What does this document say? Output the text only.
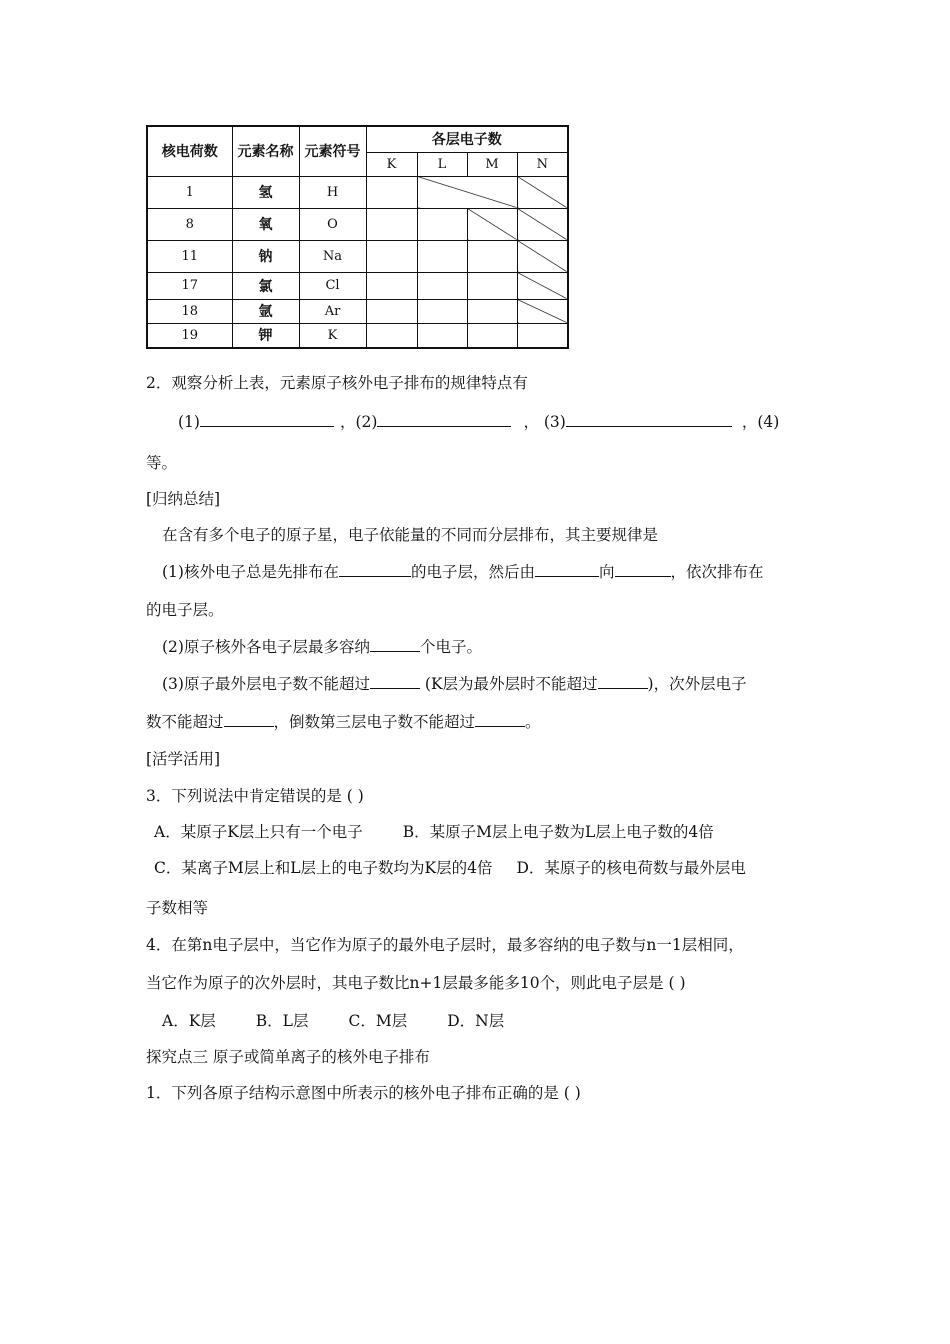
核电荷数	元素名称	元素符号	各层电子数			
			K	L	M	N
1	氢	H				
8	氧	O				
11	钠	Na				
17	氯	Cl				
18	氩	Ar				
19	钾	K				
2．观察分析上表，元素原子核外电子排布的规律特点有
(1)	，(2)	， (3)	，(4)
等。
[归纳总结]
在含有多个电子的原子星，电子依能量的不同而分层排布，其主要规律是
(1)核外电子总是先排布在	的电子层，然后由	向	，依次排布在
的电子层。
(2)原子核外各电子层最多容纳	个电子。
(3)原子最外层电子数不能超过	(K层为最外层时不能超过	)，次外层电子
数不能超过	，倒数第三层电子数不能超过	。
[活学活用]
3．下列说法中肯定错误的是 ( )
A．某原子K层上只有一个电子	B．某原子M层上电子数为L层上电子数的4倍
C．某离子M层上和L层上的电子数均为K层的4倍 D．某原子的核电荷数与最外层电
子数相等
4．在第n电子层中，当它作为原子的最外电子层时，最多容纳的电子数与n一1层相同，
当它作为原子的次外层时，其电子数比n+1层最多能多10个，则此电子层是 ( )
A．K层	B．L层	C．M层	D．N层
探究点三 原子或简单离子的核外电子排布
1．下列各原子结构示意图中所表示的核外电子排布正确的是 ( )
